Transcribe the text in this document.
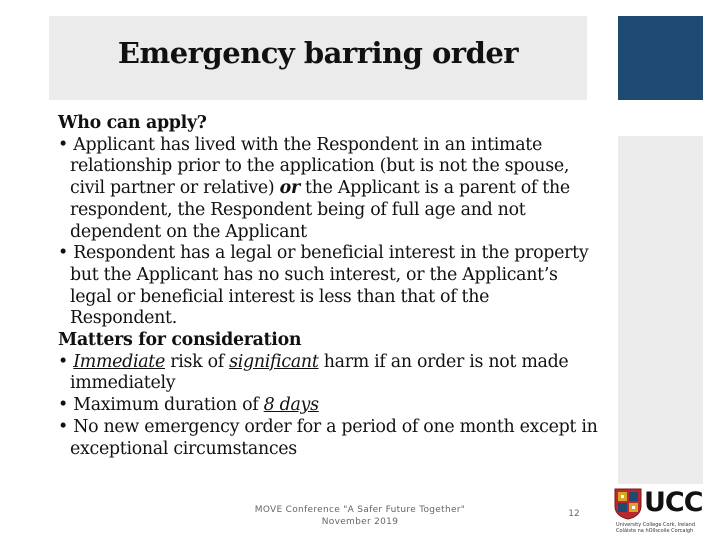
Emergency barring order
Who can apply?
• Applicant has lived with the Respondent in an intimate relationship prior to the application (but is not the spouse, civil partner or relative) or the Applicant is a parent of the respondent, the Respondent being of full age and not dependent on the Applicant
• Respondent has a legal or beneficial interest in the property but the Applicant has no such interest, or the Applicant’s legal or beneficial interest is less than that of the Respondent.
Matters for consideration
• Immediate risk of significant harm if an order is not made immediately
• Maximum duration of 8 days
• No new emergency order for a period of one month except in exceptional circumstances
MOVE Conference "A Safer Future Together"
November 2019
12 UCC
University College Cork, Ireland
Coláiste na hOllscoile Corcaigh
